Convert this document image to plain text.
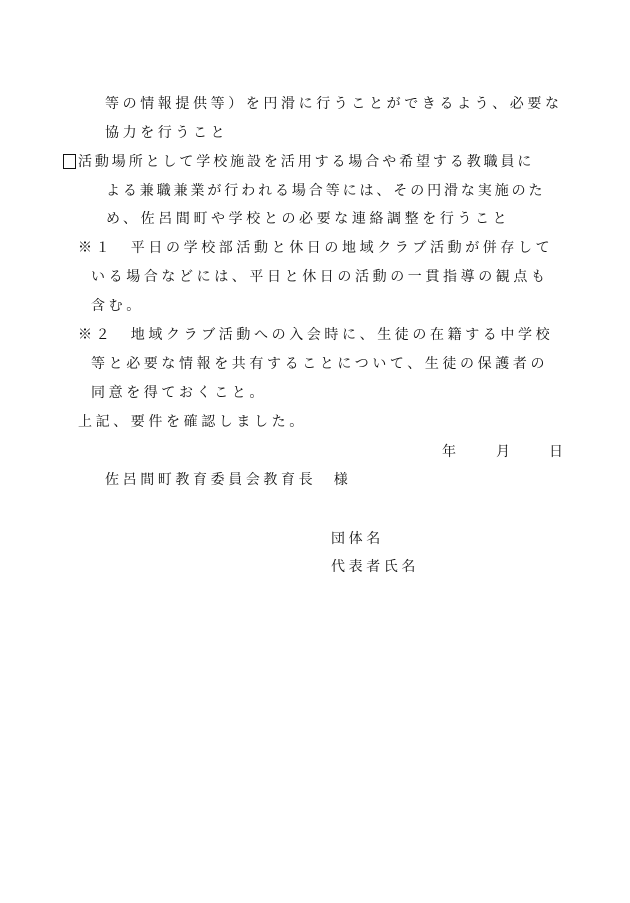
等の情報提供等）を円滑に行うことができるよう、必要な
協力を行うこと
活動場所として学校施設を活用する場合や希望する教職員に
よる兼職兼業が行われる場合等には、その円滑な実施のた
め、佐呂間町や学校との必要な連絡調整を行うこと
※１　平日の学校部活動と休日の地域クラブ活動が併存して
いる場合などには、平日と休日の活動の一貫指導の観点も
含む。
※２　地域クラブ活動への入会時に、生徒の在籍する中学校
等と必要な情報を共有することについて、生徒の保護者の
同意を得ておくこと。
上記、要件を確認しました。
年	月	日
佐呂間町教育委員会教育長　様
団体名
代表者氏名
